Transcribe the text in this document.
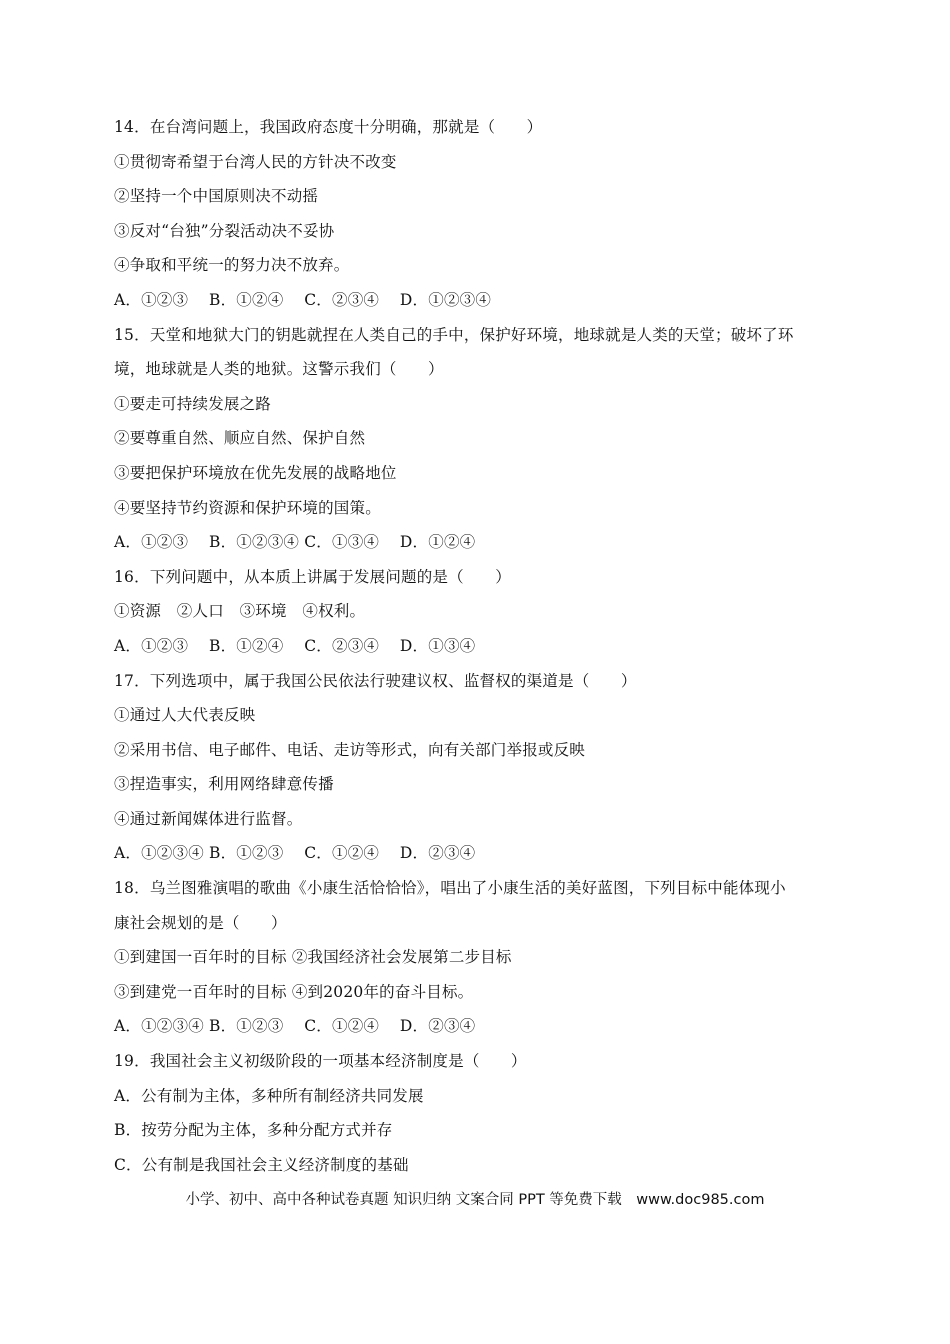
14．在台湾问题上，我国政府态度十分明确，那就是（　　）
①贯彻寄希望于台湾人民的方针决不改变
②坚持一个中国原则决不动摇
③反对“台独”分裂活动决不妥协
④争取和平统一的努力决不放弃。
A．①②③　 B．①②④　 C．②③④　 D．①②③④
15．天堂和地狱大门的钥匙就捏在人类自己的手中，保护好环境，地球就是人类的天堂；破坏了环
境，地球就是人类的地狱。这警示我们（　　）
①要走可持续发展之路
②要尊重自然、顺应自然、保护自然
③要把保护环境放在优先发展的战略地位
④要坚持节约资源和保护环境的国策。
A．①②③　 B．①②③④ C．①③④　 D．①②④
16．下列问题中，从本质上讲属于发展问题的是（　　）
①资源　②人口　③环境　④权利。
A．①②③　 B．①②④　 C．②③④　 D．①③④
17．下列选项中，属于我国公民依法行驶建议权、监督权的渠道是（　　）
①通过人大代表反映
②采用书信、电子邮件、电话、走访等形式，向有关部门举报或反映
③捏造事实，利用网络肆意传播
④通过新闻媒体进行监督。
A．①②③④ B．①②③　 C．①②④　 D．②③④
18．乌兰图雅演唱的歌曲《小康生活恰恰恰》，唱出了小康生活的美好蓝图，下列目标中能体现小
康社会规划的是（　　）
①到建国一百年时的目标 ②我国经济社会发展第二步目标
③到建党一百年时的目标 ④到2020年的奋斗目标。
A．①②③④ B．①②③　 C．①②④　 D．②③④
19．我国社会主义初级阶段的一项基本经济制度是（　　）
A．公有制为主体，多种所有制经济共同发展
B．按劳分配为主体，多种分配方式并存
C．公有制是我国社会主义经济制度的基础
小学、初中、高中各种试卷真题 知识归纳 文案合同 PPT 等免费下载　www.doc985.com
